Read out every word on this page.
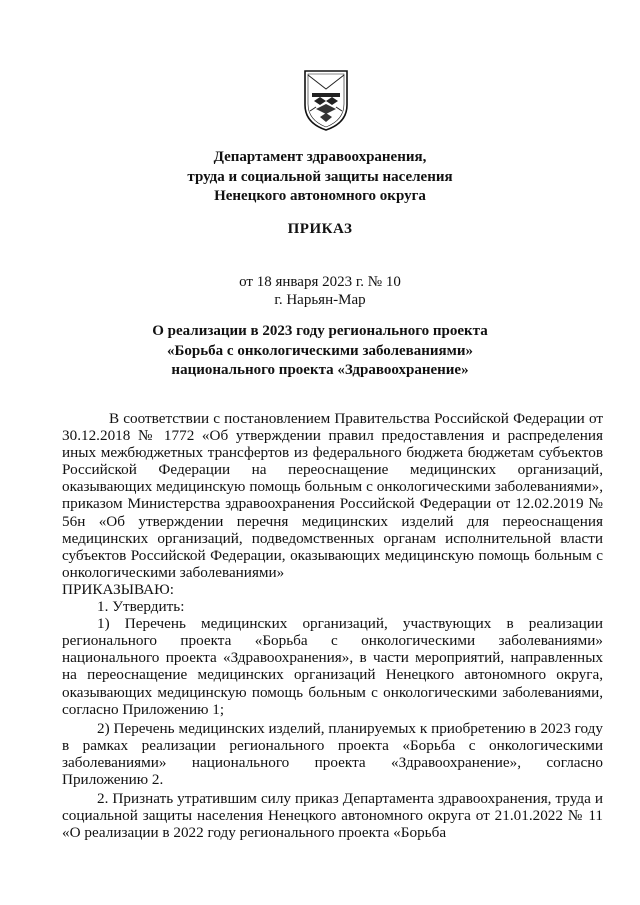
Департамент здравоохранения,
труда и социальной защиты населения
Ненецкого автономного округа
ПРИКАЗ
от 18 января 2023 г. № 10
г. Нарьян-Мар
О реализации в 2023 году регионального проекта
«Борьба с онкологическими заболеваниями»
национального проекта «Здравоохранение»

В соответствии с постановлением Правительства Российской Федерации от 30.12.2018 № 1772 «Об утверждении правил предоставления и распределения иных межбюджетных трансфертов из федерального бюджета бюджетам субъектов Российской Федерации на переоснащение медицинских организаций, оказывающих медицинскую помощь больным с онкологическими заболеваниями», приказом Министерства здравоохранения Российской Федерации от 12.02.2019 № 56н «Об утверждении перечня медицинских изделий для переоснащения медицинских организаций, подведомственных органам исполнительной власти субъектов Российской Федерации, оказывающих медицинскую помощь больным с онкологическими заболеваниями»

ПРИКАЗЫВАЮ:

1. Утвердить:

1) Перечень медицинских организаций, участвующих в реализации регионального проекта «Борьба с онкологическими заболеваниями» национального проекта «Здравоохранения», в части мероприятий, направленных на переоснащение медицинских организаций Ненецкого автономного округа, оказывающих медицинскую помощь больным с онкологическими заболеваниями, согласно Приложению 1;

2) Перечень медицинских изделий, планируемых к приобретению в 2023 году в рамках реализации регионального проекта «Борьба с онкологическими заболеваниями» национального проекта «Здравоохранение», согласно Приложению 2.

2. Признать утратившим силу приказ Департамента здравоохранения, труда и социальной защиты населения Ненецкого автономного округа от 21.01.2022 № 11 «О реализации в 2022 году регионального проекта «Борьба
